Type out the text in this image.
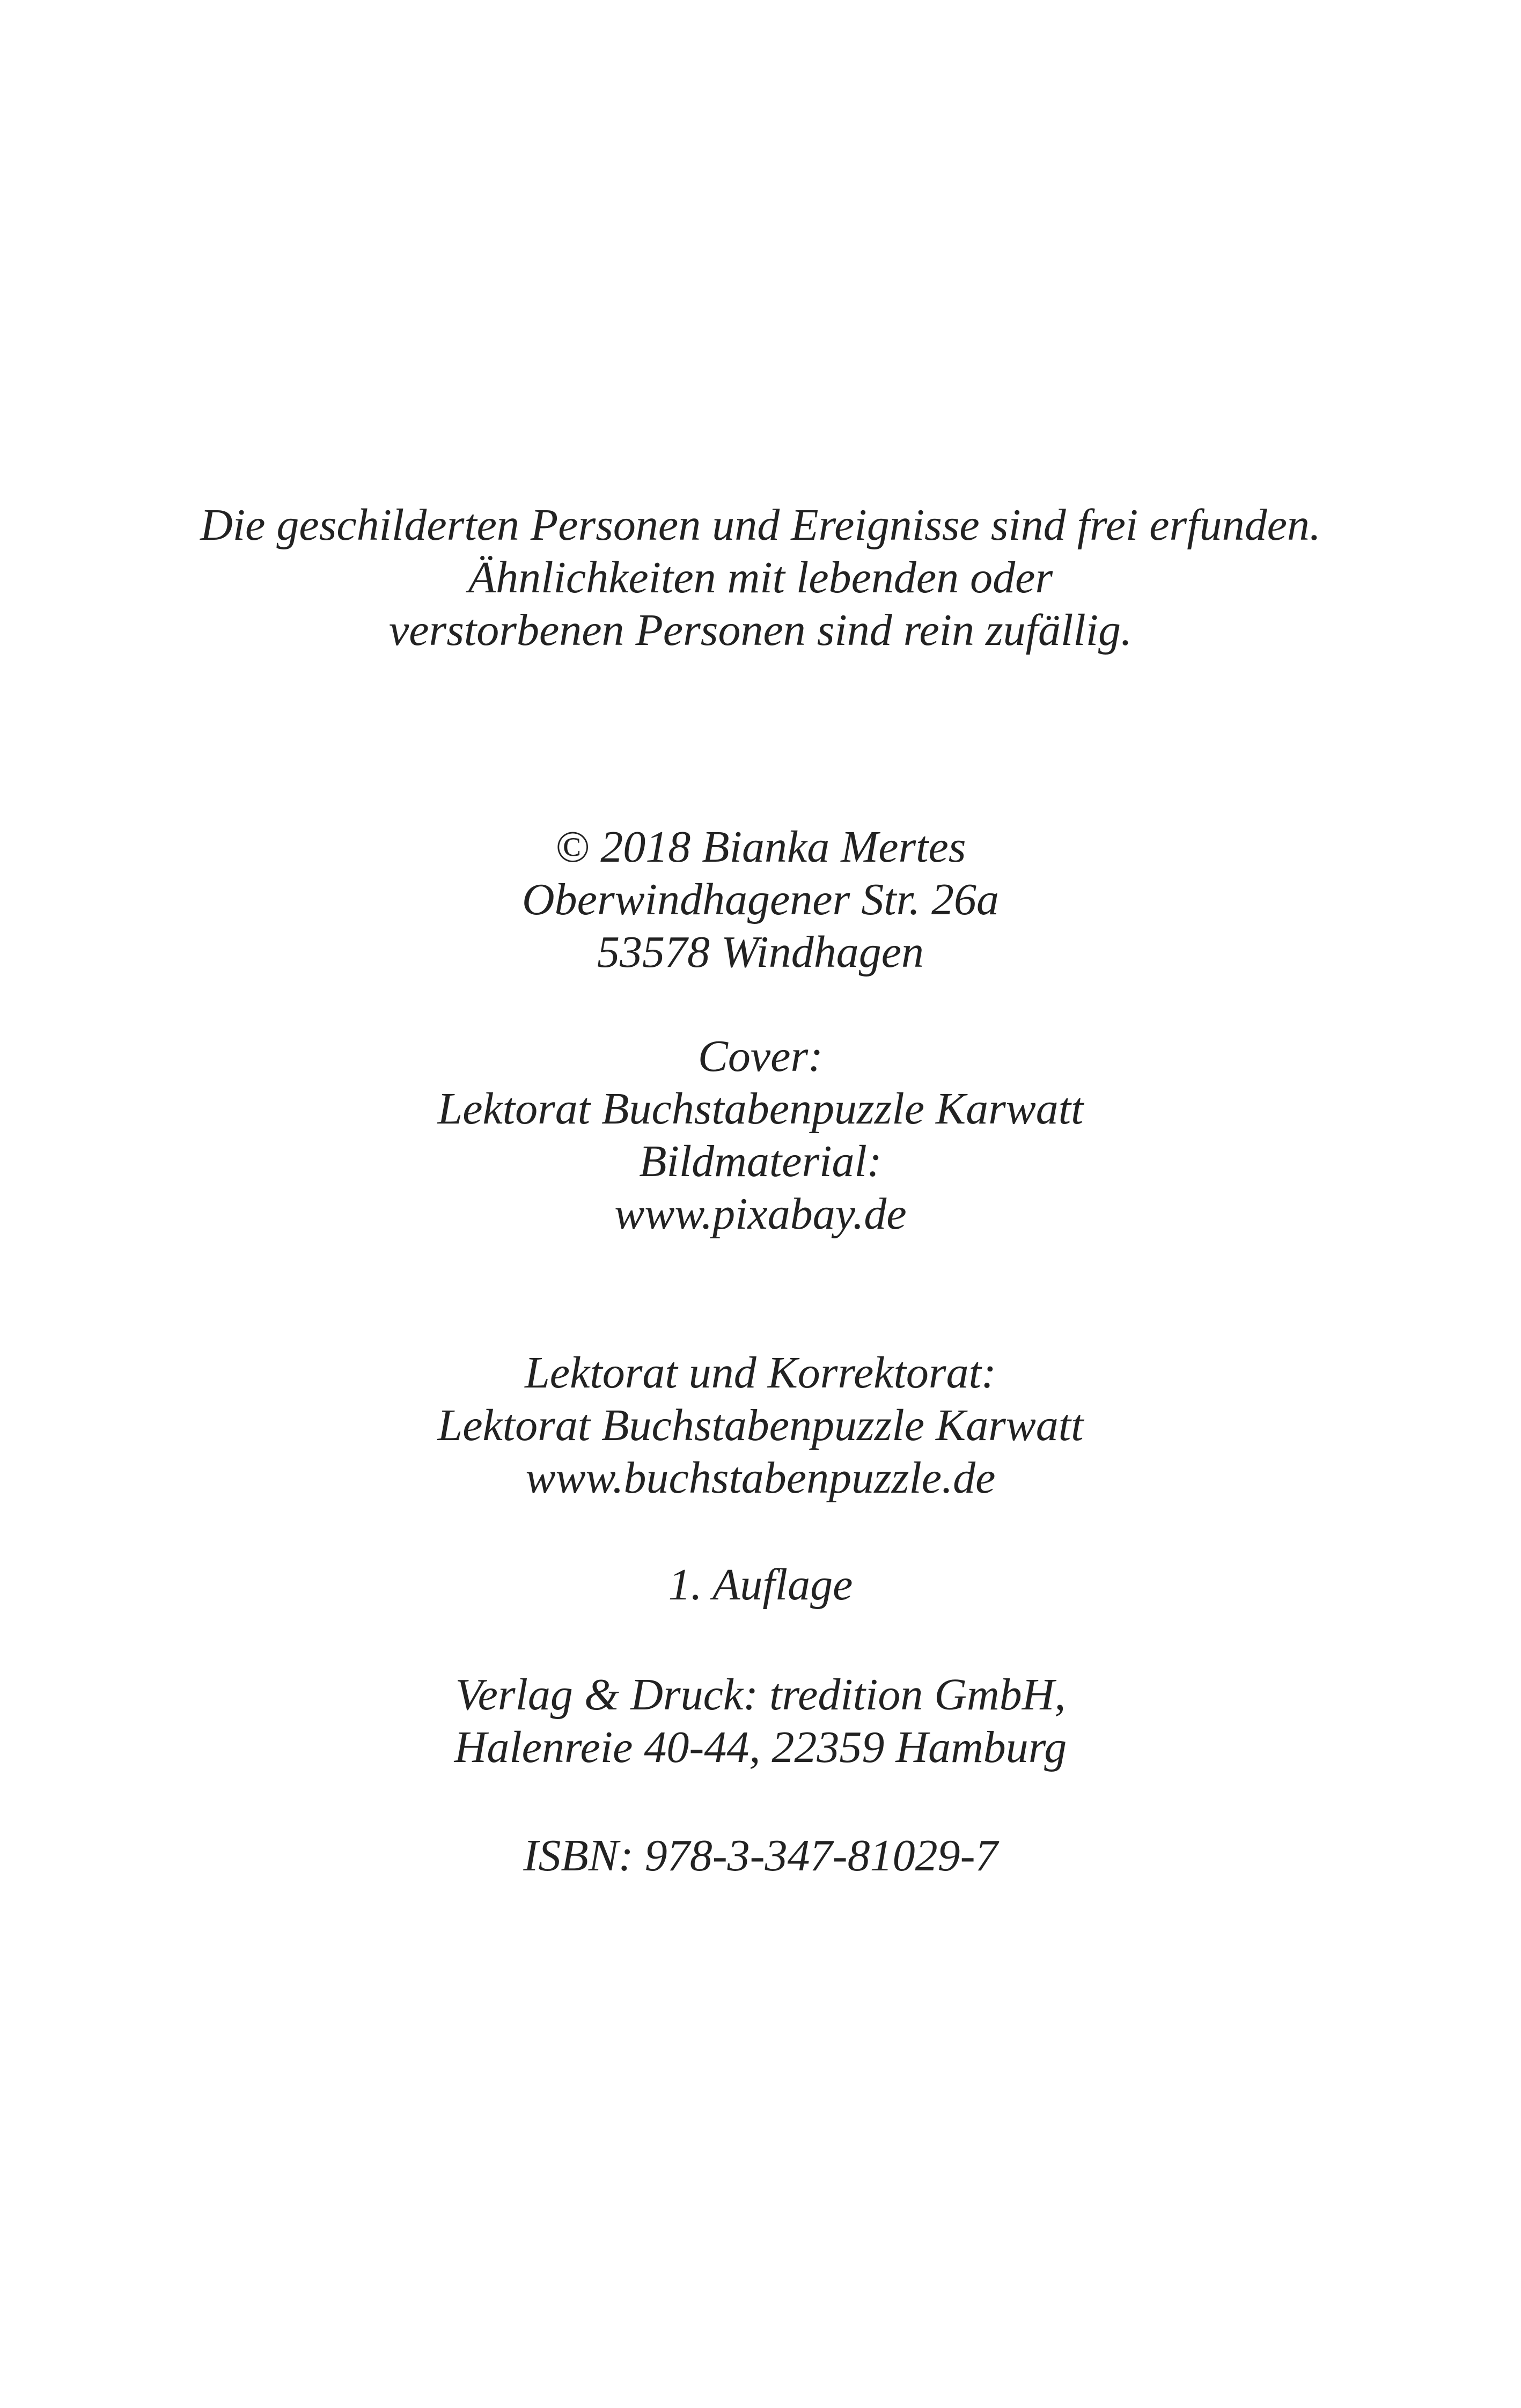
Die geschilderten Personen und Ereignisse sind frei erfunden.
Ähnlichkeiten mit lebenden oder
verstorbenen Personen sind rein zufällig.
© 2018 Bianka Mertes
Oberwindhagener Str. 26a
53578 Windhagen
Cover:
Lektorat Buchstabenpuzzle Karwatt
Bildmaterial:
www.pixabay.de
Lektorat und Korrektorat:
Lektorat Buchstabenpuzzle Karwatt
www.buchstabenpuzzle.de
1. Auflage
Verlag & Druck: tredition GmbH,
Halenreie 40-44, 22359 Hamburg
ISBN: 978-3-347-81029-7
